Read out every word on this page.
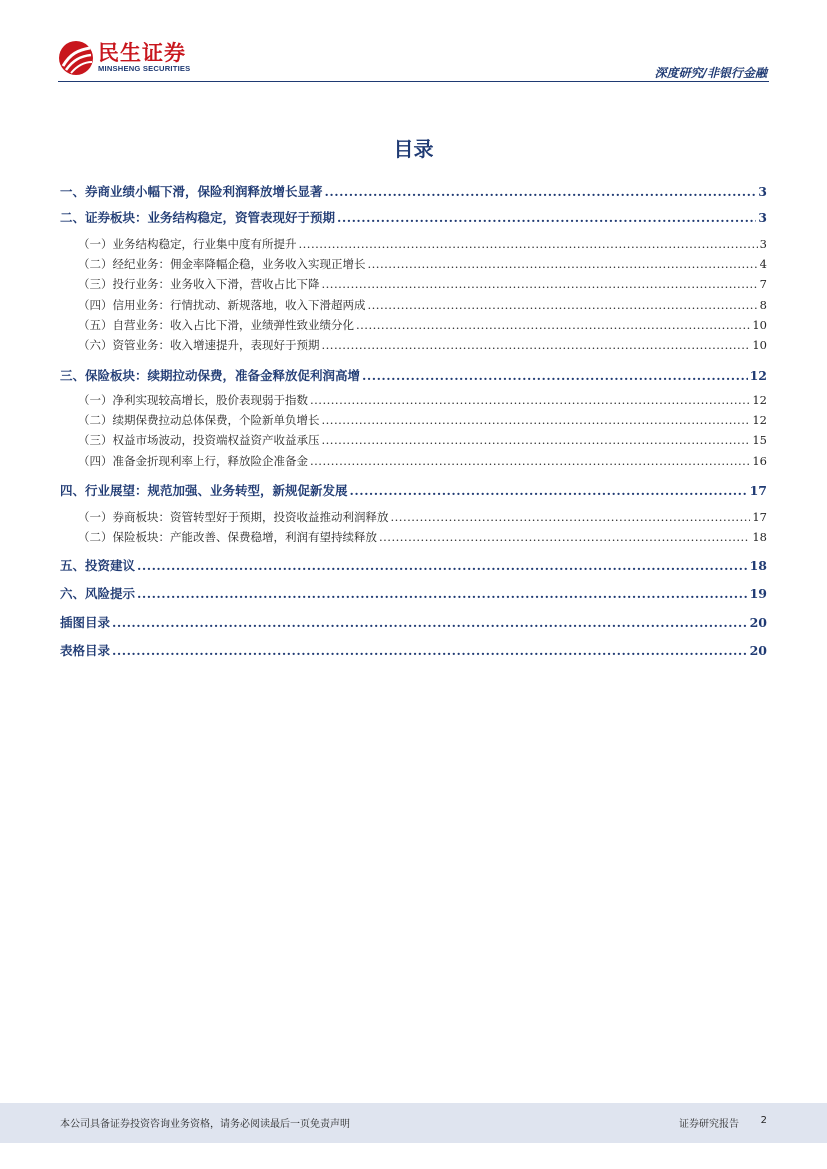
民生证券
MINSHENG SECURITIES	深度研究/非银行金融
目录
一、券商业绩小幅下滑，保险利润释放增长显著 .....	3
二、证券板块：业务结构稳定，资管表现好于预期 .....	3
（一）业务结构稳定，行业集中度有所提升 .....	3
（二）经纪业务：佣金率降幅企稳，业务收入实现正增长 .....	4
（三）投行业务：业务收入下滑，营收占比下降 .....	7
（四）信用业务：行情扰动、新规落地，收入下滑超两成 .....	8
（五）自营业务：收入占比下滑，业绩弹性致业绩分化 .....	10
（六）资管业务：收入增速提升，表现好于预期 .....	10
三、保险板块：续期拉动保费，准备金释放促利润高增 .....	12
（一）净利实现较高增长，股价表现弱于指数 .....	12
（二）续期保费拉动总体保费，个险新单负增长 .....	12
（三）权益市场波动，投资端权益资产收益承压 .....	15
（四）准备金折现利率上行，释放险企准备金 .....	16
四、行业展望：规范加强、业务转型，新规促新发展 .....	17
（一）券商板块：资管转型好于预期，投资收益推动利润释放 .....	17
（二）保险板块：产能改善、保费稳增，利润有望持续释放 .....	18
五、投资建议 .....	18
六、风险提示 .....	19
插图目录 .....	20
表格目录 .....	20
本公司具备证券投资咨询业务资格，请务必阅读最后一页免责声明	证券研究报告 2
